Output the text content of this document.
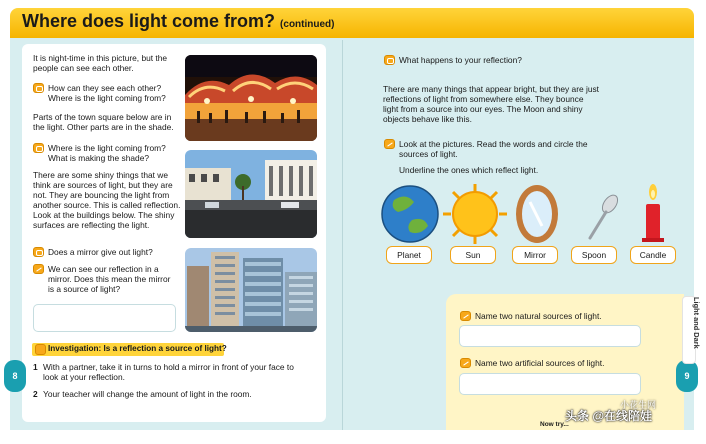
Where does light come from? (continued)
It is night-time in this picture, but the people can see each other.
How can they see each other? Where is the light coming from?
Parts of the town square below are in the light. Other parts are in the shade.
Where is the light coming from? What is making the shade?
There are some shiny things that we think are sources of light, but they are not. They are bouncing the light from another source. This is called reflection. Look at the buildings below. The shiny surfaces are reflecting the light.
Does a mirror give out light?
We can see our reflection in a mirror. Does this mean the mirror is a source of light?
Investigation: Is a reflection a source of light?
1 With a partner, take it in turns to hold a mirror in front of your face to look at your reflection.
2 Your teacher will change the amount of light in the room.
What happens to your reflection?
There are many things that appear bright, but they are just reflections of light from somewhere else. They bounce light from a source into our eyes. The Moon and shiny objects behave like this.
Look at the pictures. Read the words and circle the sources of light.
Underline the ones which reflect light.
Planet	Sun	Mirror	Spoon	Candle
Name two natural sources of light.
Name two artificial sources of light.
Now try...
8	9
Light and Dark
小花生网
头条 @在线陪娃
